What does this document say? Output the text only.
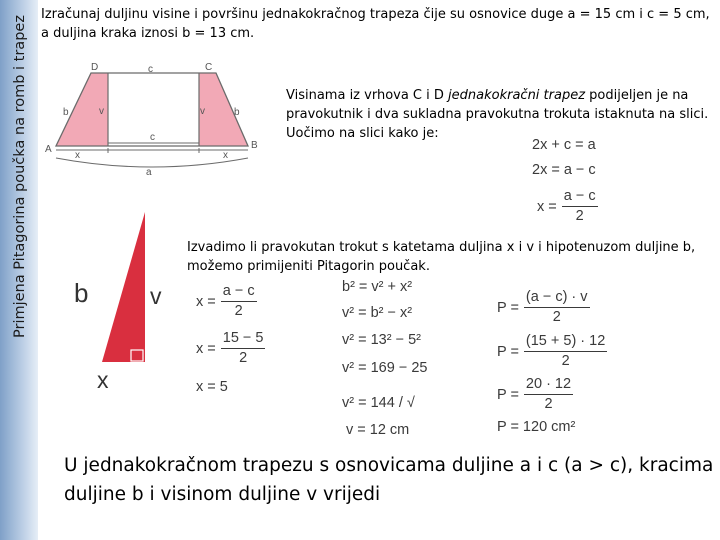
Primjena Pitagorina poučka na romb i trapez
Izračunaj duljinu visine i površinu jednakokračnog trapeza čije su osnovice duge a = 15 cm i c = 5 cm, a duljina kraka iznosi b = 13 cm.
D	C
A	B
c
c
b	b
v	v
x	x
a
Visinama iz vrhova C i D jednakokračni trapez podijeljen je na pravokutnik i dva sukladna pravokutna trokuta istaknuta na slici. Uočimo na slici kako je:
2x + c = a
2x = a − c
$x = \frac{a - c}{2}$
b	v
x
Izvadimo li pravokutan trokut s katetama duljina x i v i hipotenuzom duljine b, možemo primijeniti Pitagorin poučak.
$x = \frac{a - c}{2}$
$x = \frac{15 - 5}{2}$
x = 5
b² = v² + x²
v² = b² − x²
v² = 13² − 5²
v² = 169 − 25
v² = 144 / √
v = 12 cm
$P = \frac{(a - c) \cdot v}{2}$
$P = \frac{(15 + 5) \cdot 12}{2}$
$P = \frac{20 \cdot 12}{2}$
P = 120 cm²
U jednakokračnom trapezu s osnovicama duljine a i c (a > c), kracima duljine b i visinom duljine v vrijedi
